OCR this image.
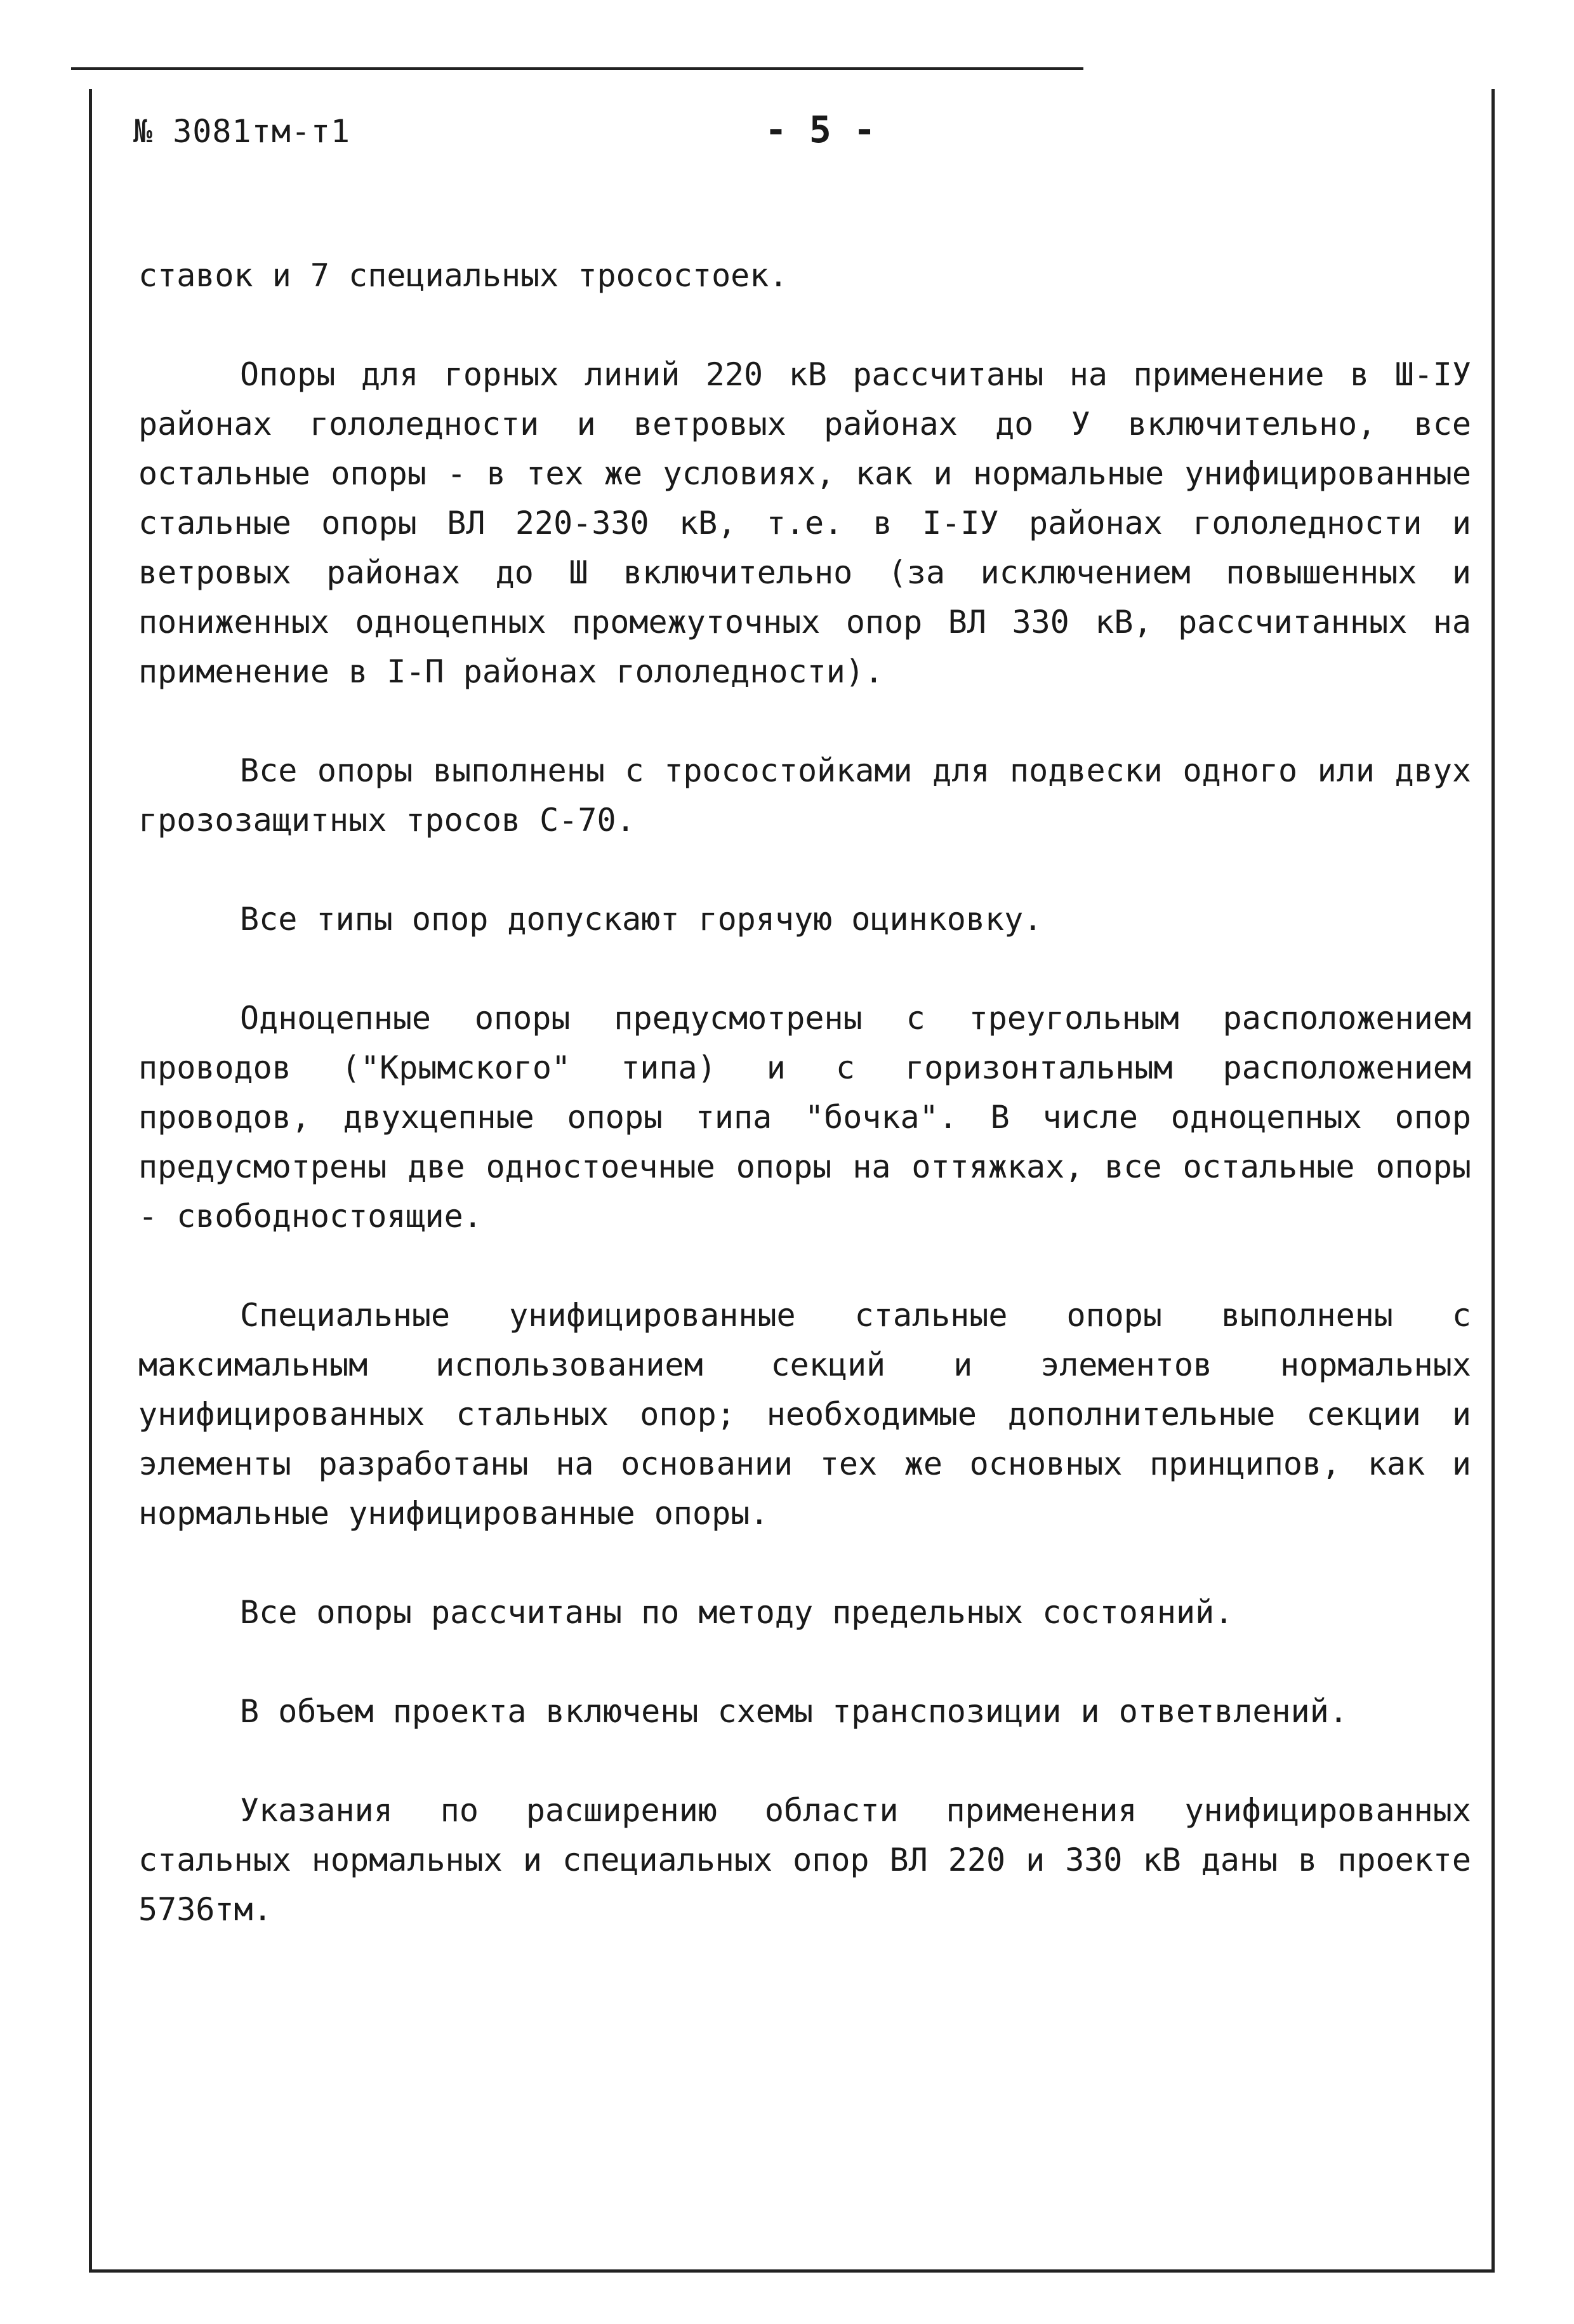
№ 3081тм-т1	- 5 -

ставок и 7 специальных тросостоек.

Опоры для горных линий 220 кВ рассчитаны на применение в Ш-IУ районах гололедности и ветровых районах до У включительно, все остальные опоры - в тех же условиях, как и нормальные унифицированные стальные опоры ВЛ 220-330 кВ, т.е. в I-IУ районах гололедности и ветровых районах до Ш включительно (за исключением повышенных и пониженных одноцепных промежуточных опор ВЛ 330 кВ, рассчитанных на применение в I-П районах гололедности).

Все опоры выполнены с тросостойками для подвески одного или двух грозозащитных тросов С-70.

Все типы опор допускают горячую оцинковку.

Одноцепные опоры предусмотрены с треугольным расположением проводов ("Крымского" типа) и с горизонтальным расположением проводов, двухцепные опоры типа "бочка". В числе одноцепных опор предусмотрены две одностоечные опоры на оттяжках, все остальные опоры - свободностоящие.

Специальные унифицированные стальные опоры выполнены с максимальным использованием секций и элементов нормальных унифицированных стальных опор; необходимые дополнительные секции и элементы разработаны на основании тех же основных принципов, как и нормальные унифицированные опоры.

Все опоры рассчитаны по методу предельных состояний.

В объем проекта включены схемы транспозиции и ответвлений.

Указания по расширению области применения унифицированных стальных нормальных и специальных опор ВЛ 220 и 330 кВ даны в проекте 5736тм.
